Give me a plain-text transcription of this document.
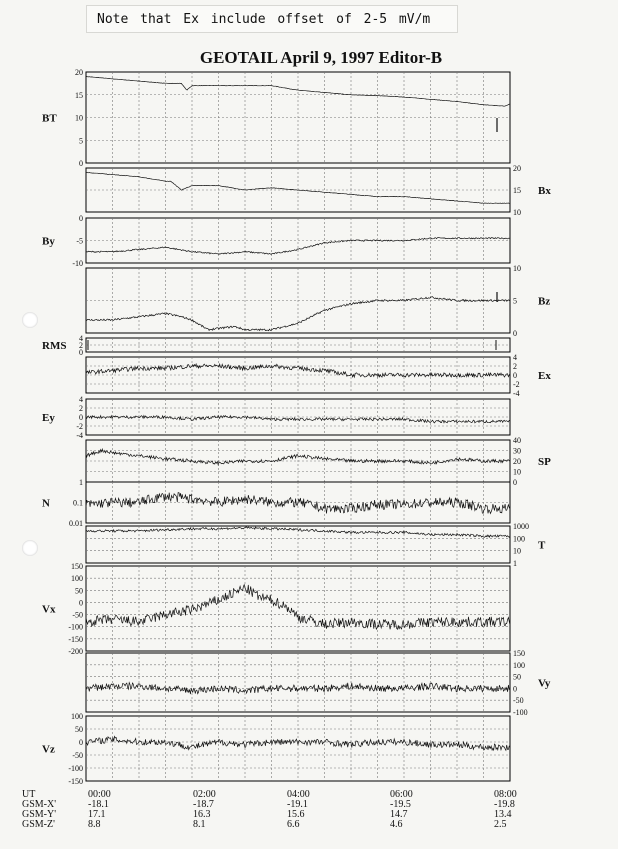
Note that Ex include offset of 2-5 mV/m
GEOTAIL April 9, 1997 Editor-B
0
5
10
15
20
BT
10
15
20
Bx
-10
-5
0
By
0
5
10
Bz
0
2
4
RMS
-4
-2
0
2
4
Ex
-4
-2
0
2
4
Ey
0
10
20
30
40
SP
0.01
0.1
1
N
1
10
100
1000
T
-200
-150
-100
-50
0
50
100
150
Vx
-100
-50
0
50
100
150
Vy
-150
-100
-50
0
50
100
Vz
UT
GSM-X'
GSM-Y'
GSM-Z'
00:00
-18.1
17.1
8.8
02:00
-18.7
16.3
8.1
04:00
-19.1
15.6
6.6
06:00
-19.5
14.7
4.6
08:00
-19.8
13.4
2.5
